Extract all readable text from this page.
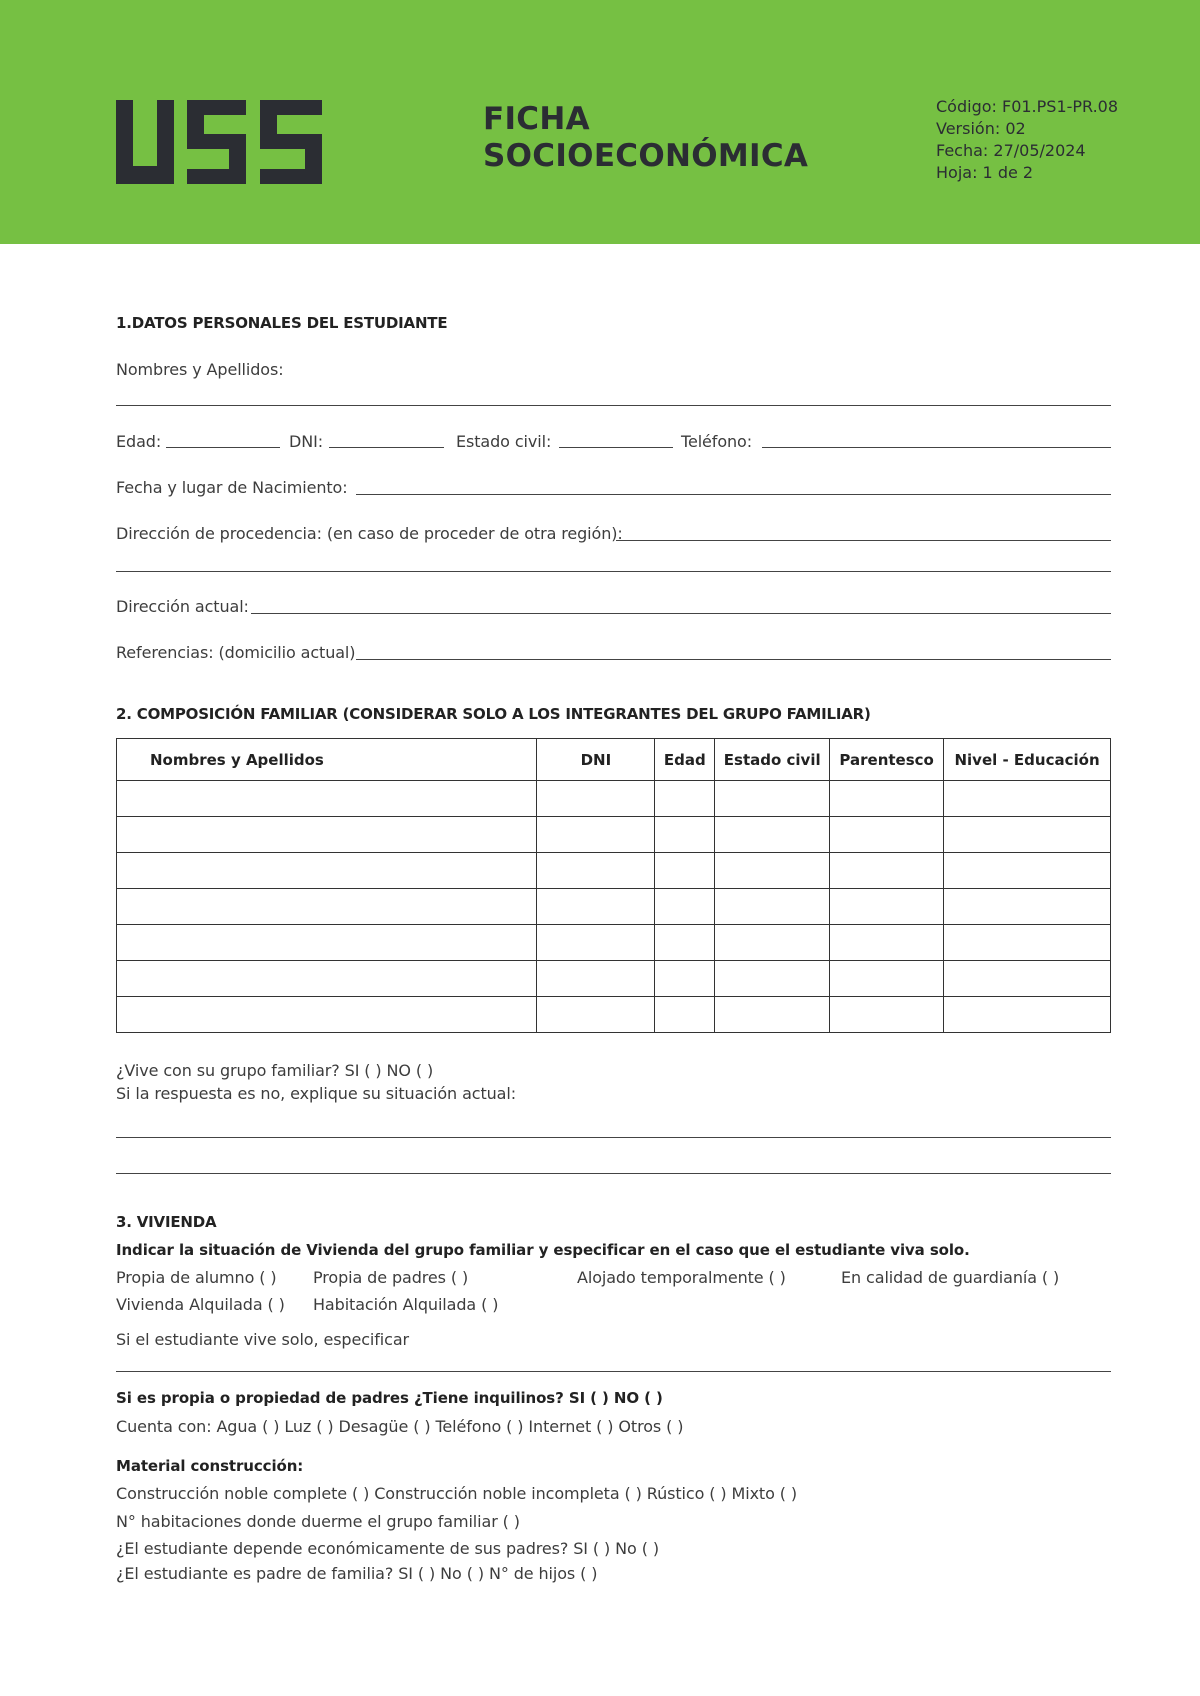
FICHA
SOCIOECONÓMICA
Código: F01.PS1-PR.08
Versión: 02
Fecha: 27/05/2024
Hoja: 1 de 2
1.DATOS PERSONALES DEL ESTUDIANTE
Nombres y Apellidos:
Edad:	DNI:	Estado civil:	Teléfono:
Fecha y lugar de Nacimiento:
Dirección de procedencia: (en caso de proceder de otra región):
Dirección actual:
Referencias: (domicilio actual)
2. COMPOSICIÓN FAMILIAR (CONSIDERAR SOLO A LOS INTEGRANTES DEL GRUPO FAMILIAR)
Nombres y Apellidos	DNI	Edad	Estado civil	Parentesco	Nivel - Educación

¿Vive con su grupo familiar? SI ( ) NO ( )
Si la respuesta es no, explique su situación actual:
3. VIVIENDA
Indicar la situación de Vivienda del grupo familiar y especificar en el caso que el estudiante viva solo.
Propia de alumno ( ) Propia de padres ( )	Alojado temporalmente ( )	En calidad de guardianía ( )
Vivienda Alquilada ( ) Habitación Alquilada ( )
Si el estudiante vive solo, especificar
Si es propia o propiedad de padres ¿Tiene inquilinos? SI ( ) NO ( )
Cuenta con: Agua ( ) Luz ( ) Desagüe ( ) Teléfono ( ) Internet ( ) Otros ( )
Material construcción:
Construcción noble complete ( ) Construcción noble incompleta ( ) Rústico ( ) Mixto ( )
N° habitaciones donde duerme el grupo familiar ( )
¿El estudiante depende económicamente de sus padres? SI ( ) No ( )
¿El estudiante es padre de familia? SI ( ) No ( ) N° de hijos ( )
